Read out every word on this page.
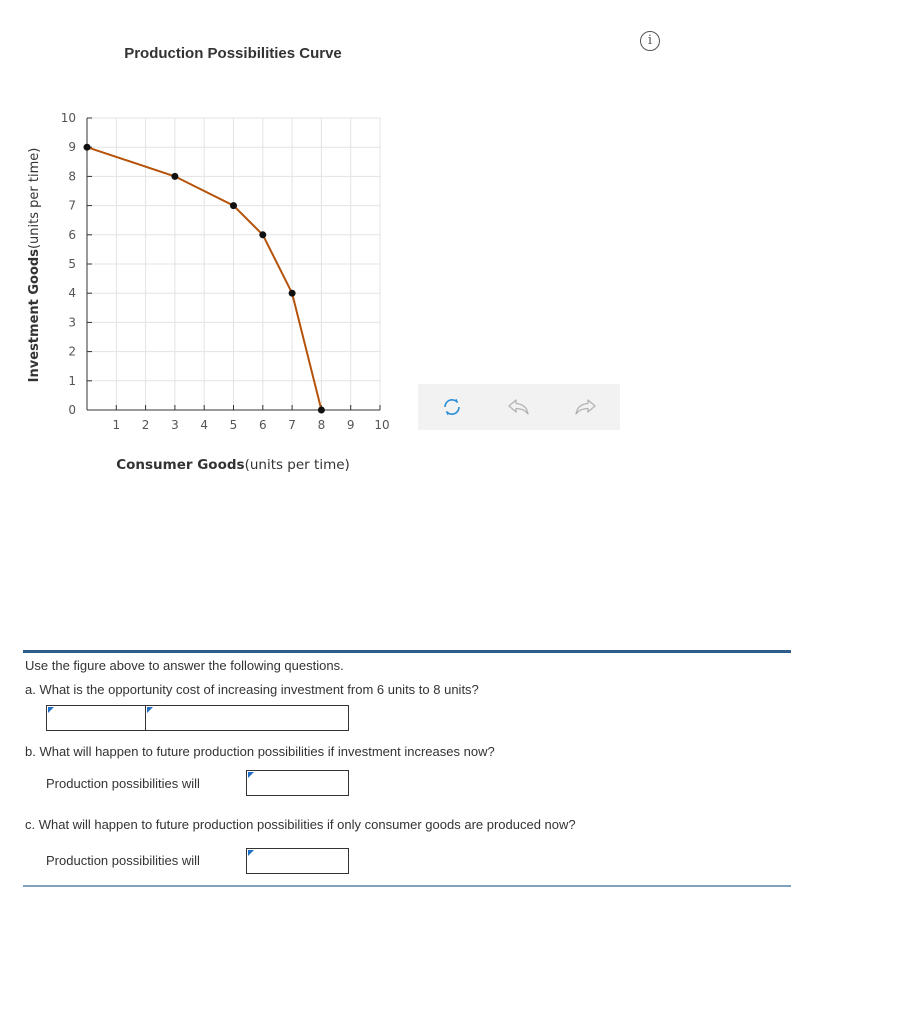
Production Possibilities Curve
1 2 3 4 5 6 7 8 9 10
0
1
2
3
4
5
6
7
8
9
10
Consumer Goods(units per time)
Investment Goods(units per time)
i
Use the figure above to answer the following questions.
a. What is the opportunity cost of increasing investment from 6 units to 8 units?
b. What will happen to future production possibilities if investment increases now?
Production possibilities will
c. What will happen to future production possibilities if only consumer goods are produced now?
Production possibilities will
